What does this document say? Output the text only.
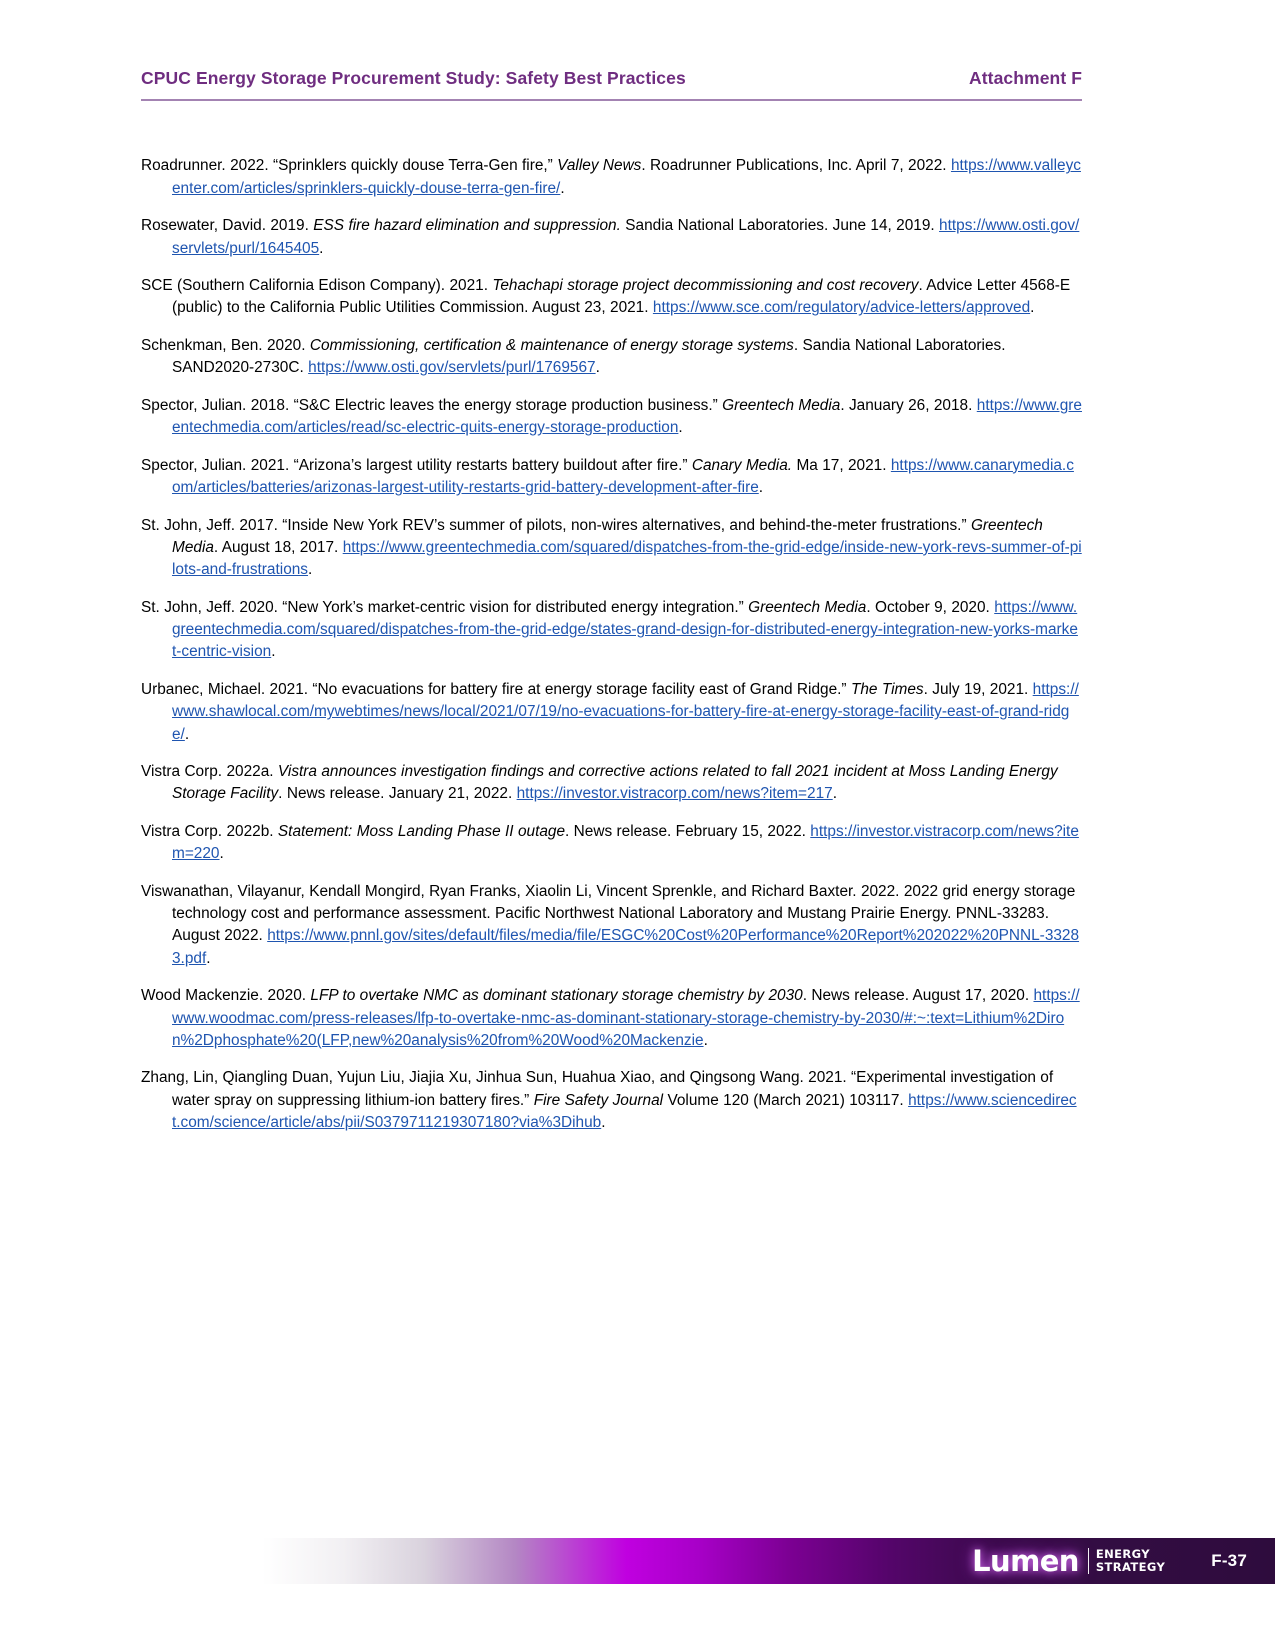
CPUC Energy Storage Procurement Study: Safety Best Practices	Attachment F

Roadrunner. 2022. “Sprinklers quickly douse Terra-Gen fire,” Valley News. Roadrunner Publications, Inc. April 7, 2022. https://www.valleycenter.com/articles/sprinklers-quickly-douse-terra-gen-fire/.

Rosewater, David. 2019. ESS fire hazard elimination and suppression. Sandia National Laboratories. June 14, 2019. https://www.osti.gov/servlets/purl/1645405.

SCE (Southern California Edison Company). 2021. Tehachapi storage project decommissioning and cost recovery. Advice Letter 4568-E (public) to the California Public Utilities Commission. August 23, 2021. https://www.sce.com/regulatory/advice-letters/approved.

Schenkman, Ben. 2020. Commissioning, certification & maintenance of energy storage systems. Sandia National Laboratories. SAND2020-2730C. https://www.osti.gov/servlets/purl/1769567.

Spector, Julian. 2018. “S&C Electric leaves the energy storage production business.” Greentech Media. January 26, 2018. https://www.greentechmedia.com/articles/read/sc-electric-quits-energy-storage-production.

Spector, Julian. 2021. “Arizona’s largest utility restarts battery buildout after fire.” Canary Media. Ma 17, 2021. https://www.canarymedia.com/articles/batteries/arizonas-largest-utility-restarts-grid-battery-development-after-fire.

St. John, Jeff. 2017. “Inside New York REV’s summer of pilots, non-wires alternatives, and behind-the-meter frustrations.” Greentech Media. August 18, 2017. https://www.greentechmedia.com/squared/dispatches-from-the-grid-edge/inside-new-york-revs-summer-of-pilots-and-frustrations.

St. John, Jeff. 2020. “New York’s market-centric vision for distributed energy integration.” Greentech Media. October 9, 2020. https://www.greentechmedia.com/squared/dispatches-from-the-grid-edge/states-grand-design-for-distributed-energy-integration-new-yorks-market-centric-vision.

Urbanec, Michael. 2021. “No evacuations for battery fire at energy storage facility east of Grand Ridge.” The Times. July 19, 2021. https://www.shawlocal.com/mywebtimes/news/local/2021/07/19/no-evacuations-for-battery-fire-at-energy-storage-facility-east-of-grand-ridge/.

Vistra Corp. 2022a. Vistra announces investigation findings and corrective actions related to fall 2021 incident at Moss Landing Energy Storage Facility. News release. January 21, 2022. https://investor.vistracorp.com/news?item=217.

Vistra Corp. 2022b. Statement: Moss Landing Phase II outage. News release. February 15, 2022. https://investor.vistracorp.com/news?item=220.

Viswanathan, Vilayanur, Kendall Mongird, Ryan Franks, Xiaolin Li, Vincent Sprenkle, and Richard Baxter. 2022. 2022 grid energy storage technology cost and performance assessment. Pacific Northwest National Laboratory and Mustang Prairie Energy. PNNL-33283. August 2022. https://www.pnnl.gov/sites/default/files/media/file/ESGC%20Cost%20Performance%20Report%202022%20PNNL-33283.pdf.

Wood Mackenzie. 2020. LFP to overtake NMC as dominant stationary storage chemistry by 2030. News release. August 17, 2020. https://www.woodmac.com/press-releases/lfp-to-overtake-nmc-as-dominant-stationary-storage-chemistry-by-2030/#:~:text=Lithium%2Diron%2Dphosphate%20(LFP,new%20analysis%20from%20Wood%20Mackenzie.

Zhang, Lin, Qiangling Duan, Yujun Liu, Jiajia Xu, Jinhua Sun, Huahua Xiao, and Qingsong Wang. 2021. “Experimental investigation of water spray on suppressing lithium-ion battery fires.” Fire Safety Journal Volume 120 (March 2021) 103117. https://www.sciencedirect.com/science/article/abs/pii/S0379711219307180?via%3Dihub.

Lumen ENERGY
STRATEGY	F-37
